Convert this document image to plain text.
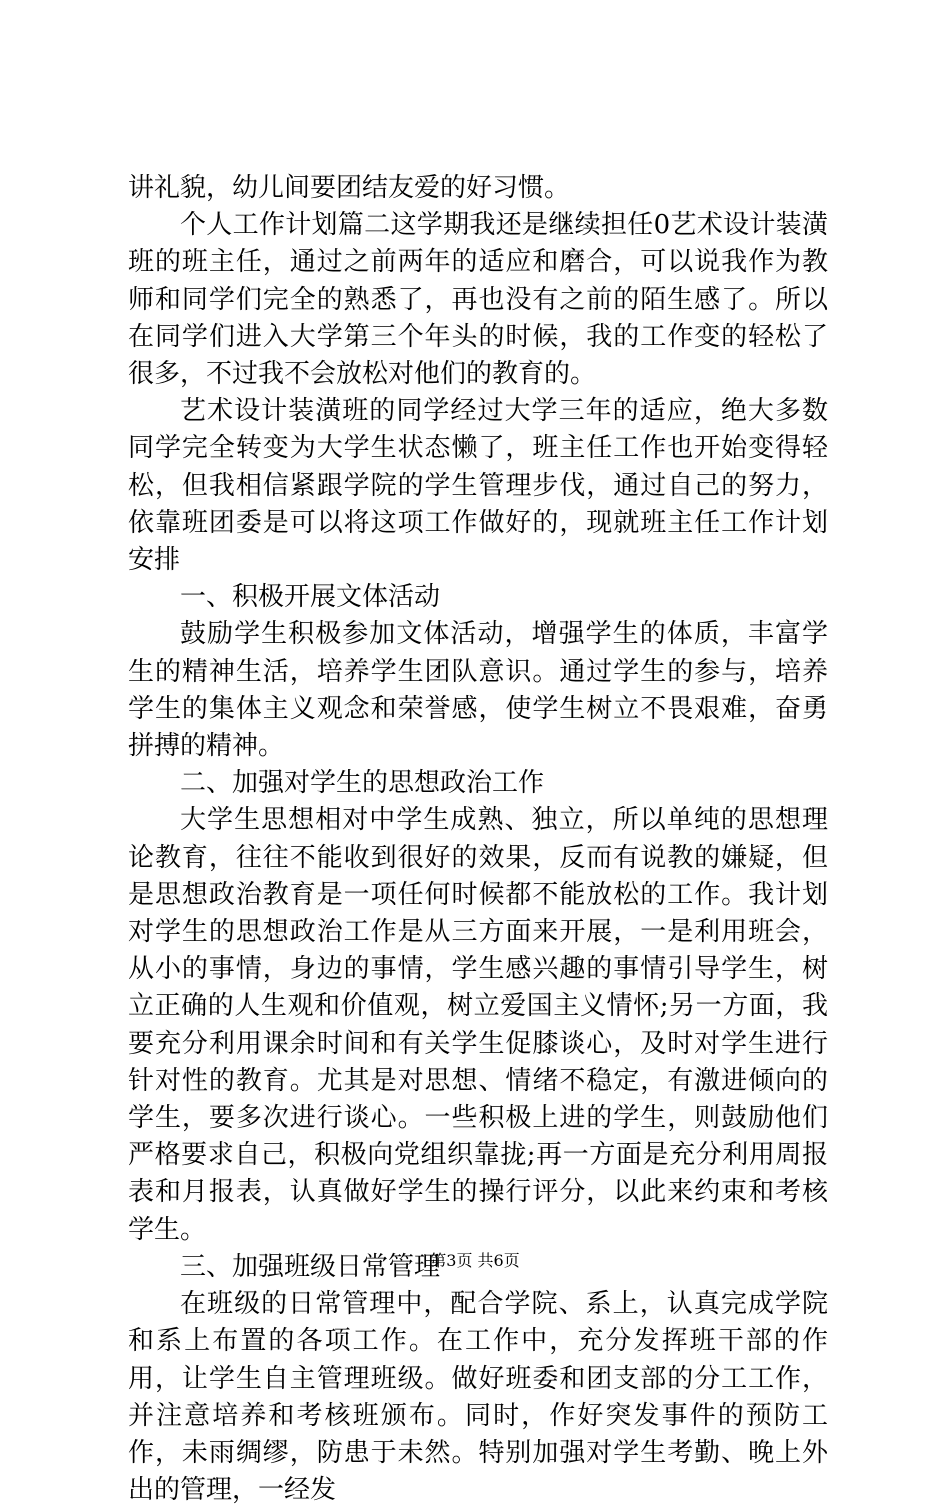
讲礼貌，幼儿间要团结友爱的好习惯。

个人工作计划篇二这学期我还是继续担任0艺术设计装潢班的班主任，通过之前两年的适应和磨合，可以说我作为教师和同学们完全的熟悉了，再也没有之前的陌生感了。所以在同学们进入大学第三个年头的时候，我的工作变的轻松了很多，不过我不会放松对他们的教育的。

艺术设计装潢班的同学经过大学三年的适应，绝大多数同学完全转变为大学生状态懒了，班主任工作也开始变得轻松，但我相信紧跟学院的学生管理步伐，通过自己的努力，依靠班团委是可以将这项工作做好的，现就班主任工作计划安排

一、积极开展文体活动

鼓励学生积极参加文体活动，增强学生的体质，丰富学生的精神生活，培养学生团队意识。通过学生的参与，培养学生的集体主义观念和荣誉感，使学生树立不畏艰难，奋勇拼搏的精神。

二、加强对学生的思想政治工作

大学生思想相对中学生成熟、独立，所以单纯的思想理论教育，往往不能收到很好的效果，反而有说教的嫌疑，但是思想政治教育是一项任何时候都不能放松的工作。我计划对学生的思想政治工作是从三方面来开展，一是利用班会，从小的事情，身边的事情，学生感兴趣的事情引导学生，树立正确的人生观和价值观，树立爱国主义情怀;另一方面，我要充分利用课余时间和有关学生促膝谈心，及时对学生进行针对性的教育。尤其是对思想、情绪不稳定，有激进倾向的学生，要多次进行谈心。一些积极上进的学生，则鼓励他们严格要求自己，积极向党组织靠拢;再一方面是充分利用周报表和月报表，认真做好学生的操行评分，以此来约束和考核学生。

三、加强班级日常管理

在班级的日常管理中，配合学院、系上，认真完成学院和系上布置的各项工作。在工作中，充分发挥班干部的作用，让学生自主管理班级。做好班委和团支部的分工工作，并注意培养和考核班颁布。同时，作好突发事件的预防工作，未雨绸缪，防患于未然。特别加强对学生考勤、晚上外出的管理，一经发

第3页 共6页
